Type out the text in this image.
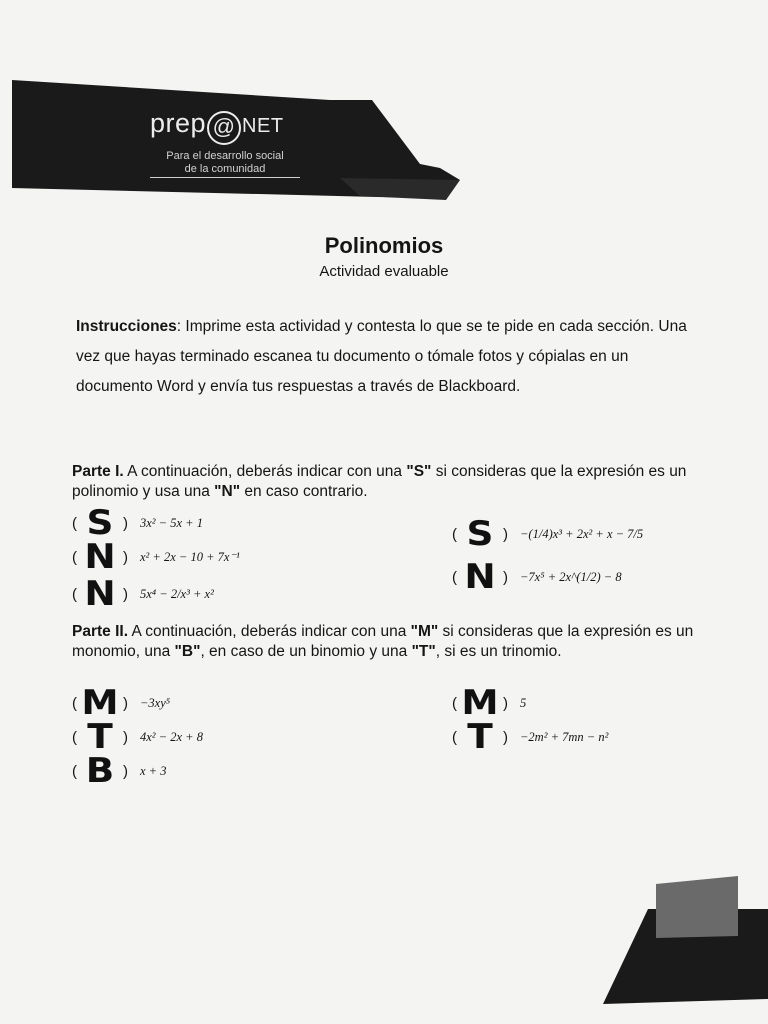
prep @ NET
Para el desarrollo social
de la comunidad
Polinomios
Actividad evaluable
Instrucciones: Imprime esta actividad y contesta lo que se te pide en cada sección. Una vez que hayas terminado escanea tu documento o tómale fotos y cópialas en un documento Word y envía tus respuestas a través de Blackboard.
Parte I. A continuación, deberás indicar con una "S" si consideras que la expresión es un polinomio y usa una "N" en caso contrario.
( S ) 3x² − 5x + 1
( N ) x² + 2x − 10 + 7x⁻¹
( N ) 5x⁴ − 2/x³ + x²
( S ) −(1/4)x³ + 2x² + x − 7/5
( N ) −7x⁵ + 2x^(1/2) − 8
Parte II. A continuación, deberás indicar con una "M" si consideras que la expresión es un monomio, una "B", en caso de un binomio y una "T", si es un trinomio.
( M ) −3xy⁵
( T ) 4x² − 2x + 8
( B ) x + 3
( M ) 5
( T ) −2m² + 7mn − n²
